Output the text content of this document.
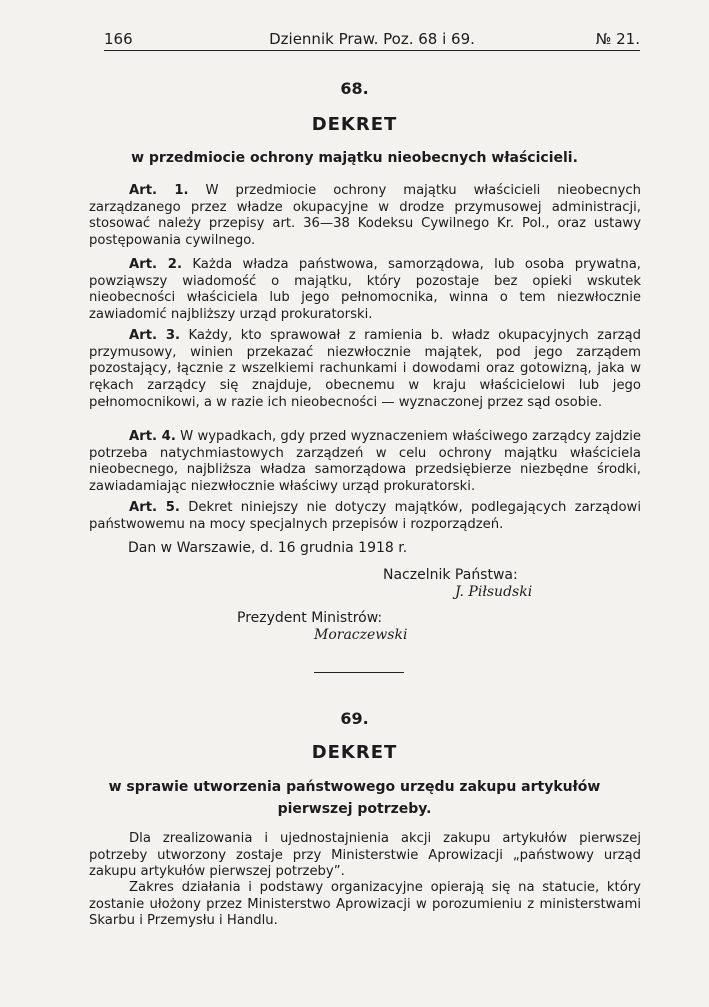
166	Dziennik Praw. Poz. 68 i 69.	№ 21.
68.
DEKRET
w przedmiocie ochrony majątku nieobecnych właścicieli.

Art. 1. W przedmiocie ochrony majątku właścicieli nieobecnych zarządzanego przez władze okupacyjne w drodze przymusowej administracji, stosować należy przepisy art. 36—38 Kodeksu Cywilnego Kr. Pol., oraz ustawy postępowania cywilnego.

Art. 2. Każda władza państwowa, samorządowa, lub osoba prywatna, powziąwszy wiadomość o majątku, który pozostaje bez opieki wskutek nieobecności właściciela lub jego pełnomocnika, winna o tem niezwłocznie zawiadomić najbliższy urząd prokuratorski.

Art. 3. Każdy, kto sprawował z ramienia b. władz okupacyjnych zarząd przymusowy, winien przekazać niezwłocznie majątek, pod jego zarządem pozostający, łącznie z wszelkiemi rachunkami i dowodami oraz gotowizną, jaka w rękach zarządcy się znajduje, obecnemu w kraju właścicielowi lub jego pełnomocnikowi, a w razie ich nieobecności — wyznaczonej przez sąd osobie.

Art. 4. W wypadkach, gdy przed wyznaczeniem właściwego zarządcy zajdzie potrzeba natychmiastowych zarządzeń w celu ochrony majątku właściciela nieobecnego, najbliższa władza samorządowa przedsiębierze niezbędne środki, zawiadamiając niezwłocznie właściwy urząd prokuratorski.

Art. 5. Dekret niniejszy nie dotyczy majątków, podlegających zarządowi państwowemu na mocy specjalnych przepisów i rozporządzeń.

Dan w Warszawie, d. 16 grudnia 1918 r.
Naczelnik Państwa:
J. Piłsudski
Prezydent Ministrów:
Moraczewski
69.
DEKRET
w sprawie utworzenia państwowego urzędu zakupu artykułów
pierwszej potrzeby.

Dla zrealizowania i ujednostajnienia akcji zakupu artykułów pierwszej potrzeby utworzony zostaje przy Ministerstwie Aprowizacji „państwowy urząd zakupu artykułów pierwszej potrzeby”.

Zakres działania i podstawy organizacyjne opierają się na statucie, który zostanie ułożony przez Ministerstwo Aprowizacji w porozumieniu z ministerstwami Skarbu i Przemysłu i Handlu.
